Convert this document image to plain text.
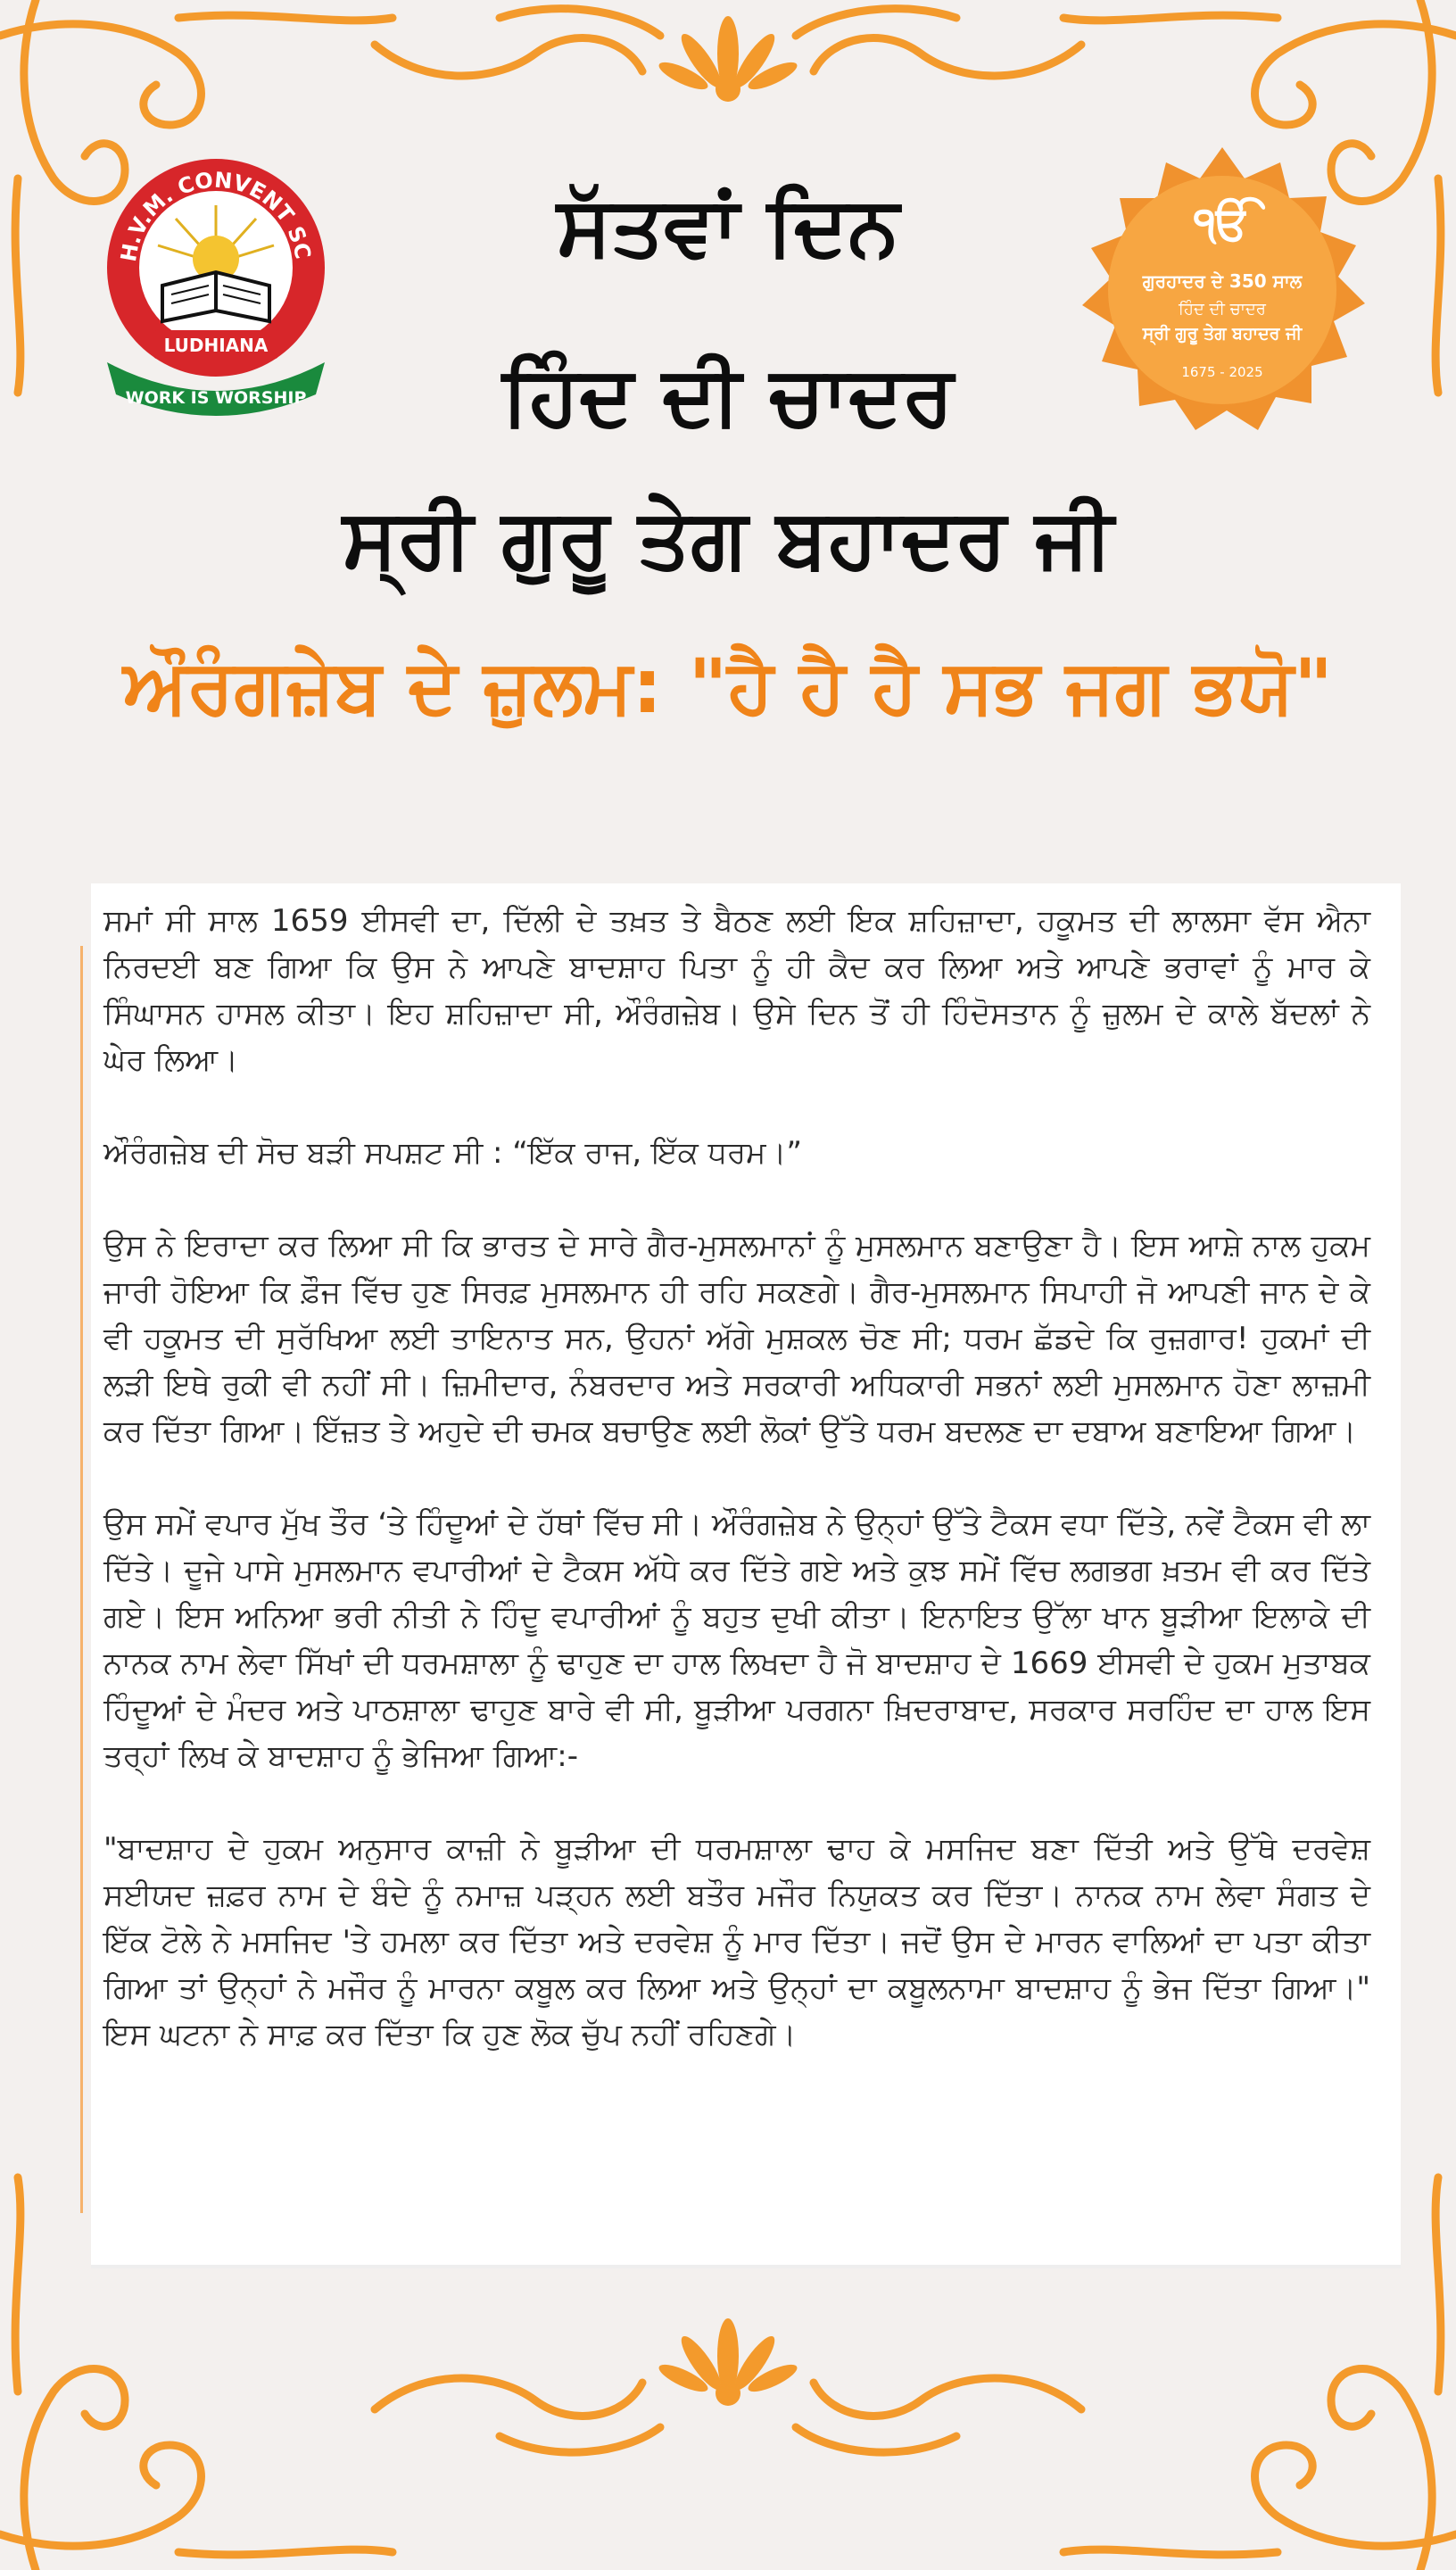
H.V.M. CONVENT SC
LUDHIANA
WORK IS WORSHIP
ੴ
ਗੁਰਹਾਦਰ ਦੇ 350 ਸਾਲ
ਹਿੰਦ ਦੀ ਚਾਦਰ
ਸ੍ਰੀ ਗੁਰੂ ਤੇਗ ਬਹਾਦਰ ਜੀ
1675 - 2025
ਸੱਤਵਾਂ ਦਿਨ
ਹਿੰਦ ਦੀ ਚਾਦਰ
ਸ੍ਰੀ ਗੁਰੂ ਤੇਗ ਬਹਾਦਰ ਜੀ
ਔਰੰਗਜ਼ੇਬ ਦੇ ਜ਼ੁਲਮ: "ਹੈ ਹੈ ਹੈ ਸਭ ਜਗ ਭਯੋ"

ਸਮਾਂ ਸੀ ਸਾਲ 1659 ਈਸਵੀ ਦਾ, ਦਿੱਲੀ ਦੇ ਤਖ਼ਤ ਤੇ ਬੈਠਣ ਲਈ ਇਕ ਸ਼ਹਿਜ਼ਾਦਾ, ਹਕੂਮਤ ਦੀ ਲਾਲਸਾ ਵੱਸ ਐਨਾ ਨਿਰਦਈ ਬਣ ਗਿਆ ਕਿ ਉਸ ਨੇ ਆਪਣੇ ਬਾਦਸ਼ਾਹ ਪਿਤਾ ਨੂੰ ਹੀ ਕੈਦ ਕਰ ਲਿਆ ਅਤੇ ਆਪਣੇ ਭਰਾਵਾਂ ਨੂੰ ਮਾਰ ਕੇ ਸਿੰਘਾਸਨ ਹਾਸਲ ਕੀਤਾ। ਇਹ ਸ਼ਹਿਜ਼ਾਦਾ ਸੀ, ਔਰੰਗਜ਼ੇਬ। ਉਸੇ ਦਿਨ ਤੋਂ ਹੀ ਹਿੰਦੋਸਤਾਨ ਨੂੰ ਜ਼ੁਲਮ ਦੇ ਕਾਲੇ ਬੱਦਲਾਂ ਨੇ ਘੇਰ ਲਿਆ।

ਔਰੰਗਜ਼ੇਬ ਦੀ ਸੋਚ ਬੜੀ ਸਪਸ਼ਟ ਸੀ : “ਇੱਕ ਰਾਜ, ਇੱਕ ਧਰਮ।”

ਉਸ ਨੇ ਇਰਾਦਾ ਕਰ ਲਿਆ ਸੀ ਕਿ ਭਾਰਤ ਦੇ ਸਾਰੇ ਗੈਰ-ਮੁਸਲਮਾਨਾਂ ਨੂੰ ਮੁਸਲਮਾਨ ਬਣਾਉਣਾ ਹੈ। ਇਸ ਆਸ਼ੇ ਨਾਲ ਹੁਕਮ ਜਾਰੀ ਹੋਇਆ ਕਿ ਫ਼ੌਜ ਵਿੱਚ ਹੁਣ ਸਿਰਫ਼ ਮੁਸਲਮਾਨ ਹੀ ਰਹਿ ਸਕਣਗੇ। ਗੈਰ-ਮੁਸਲਮਾਨ ਸਿਪਾਹੀ ਜੋ ਆਪਣੀ ਜਾਨ ਦੇ ਕੇ ਵੀ ਹਕੂਮਤ ਦੀ ਸੁਰੱਖਿਆ ਲਈ ਤਾਇਨਾਤ ਸਨ, ਉਹਨਾਂ ਅੱਗੇ ਮੁਸ਼ਕਲ ਚੋਣ ਸੀ; ਧਰਮ ਛੱਡਦੇ ਕਿ ਰੁਜ਼ਗਾਰ! ਹੁਕਮਾਂ ਦੀ ਲੜੀ ਇਥੇ ਰੁਕੀ ਵੀ ਨਹੀਂ ਸੀ। ਜ਼ਿਮੀਦਾਰ, ਨੰਬਰਦਾਰ ਅਤੇ ਸਰਕਾਰੀ ਅਧਿਕਾਰੀ ਸਭਨਾਂ ਲਈ ਮੁਸਲਮਾਨ ਹੋਣਾ ਲਾਜ਼ਮੀ ਕਰ ਦਿੱਤਾ ਗਿਆ। ਇੱਜ਼ਤ ਤੇ ਅਹੁਦੇ ਦੀ ਚਮਕ ਬਚਾਉਣ ਲਈ ਲੋਕਾਂ ਉੱਤੇ ਧਰਮ ਬਦਲਣ ਦਾ ਦਬਾਅ ਬਣਾਇਆ ਗਿਆ।

ਉਸ ਸਮੇਂ ਵਪਾਰ ਮੁੱਖ ਤੌਰ ‘ਤੇ ਹਿੰਦੂਆਂ ਦੇ ਹੱਥਾਂ ਵਿੱਚ ਸੀ। ਔਰੰਗਜ਼ੇਬ ਨੇ ਉਨ੍ਹਾਂ ਉੱਤੇ ਟੈਕਸ ਵਧਾ ਦਿੱਤੇ, ਨਵੇਂ ਟੈਕਸ ਵੀ ਲਾ ਦਿੱਤੇ। ਦੂਜੇ ਪਾਸੇ ਮੁਸਲਮਾਨ ਵਪਾਰੀਆਂ ਦੇ ਟੈਕਸ ਅੱਧੇ ਕਰ ਦਿੱਤੇ ਗਏ ਅਤੇ ਕੁਝ ਸਮੇਂ ਵਿੱਚ ਲਗਭਗ ਖ਼ਤਮ ਵੀ ਕਰ ਦਿੱਤੇ ਗਏ। ਇਸ ਅਨਿਆ ਭਰੀ ਨੀਤੀ ਨੇ ਹਿੰਦੂ ਵਪਾਰੀਆਂ ਨੂੰ ਬਹੁਤ ਦੁਖੀ ਕੀਤਾ। ਇਨਾਇਤ ਉੱਲਾ ਖਾਨ ਬੂੜੀਆ ਇਲਾਕੇ ਦੀ ਨਾਨਕ ਨਾਮ ਲੇਵਾ ਸਿੱਖਾਂ ਦੀ ਧਰਮਸ਼ਾਲਾ ਨੂੰ ਢਾਹੁਣ ਦਾ ਹਾਲ ਲਿਖਦਾ ਹੈ ਜੋ ਬਾਦਸ਼ਾਹ ਦੇ 1669 ਈਸਵੀ ਦੇ ਹੁਕਮ ਮੁਤਾਬਕ ਹਿੰਦੂਆਂ ਦੇ ਮੰਦਰ ਅਤੇ ਪਾਠਸ਼ਾਲਾ ਢਾਹੁਣ ਬਾਰੇ ਵੀ ਸੀ, ਬੂੜੀਆ ਪਰਗਨਾ ਖ਼ਿਦਰਾਬਾਦ, ਸਰਕਾਰ ਸਰਹਿੰਦ ਦਾ ਹਾਲ ਇਸ ਤਰ੍ਹਾਂ ਲਿਖ ਕੇ ਬਾਦਸ਼ਾਹ ਨੂੰ ਭੇਜਿਆ ਗਿਆ:-

"ਬਾਦਸ਼ਾਹ ਦੇ ਹੁਕਮ ਅਨੁਸਾਰ ਕਾਜ਼ੀ ਨੇ ਬੂੜੀਆ ਦੀ ਧਰਮਸ਼ਾਲਾ ਢਾਹ ਕੇ ਮਸਜਿਦ ਬਣਾ ਦਿੱਤੀ ਅਤੇ ਉੱਥੇ ਦਰਵੇਸ਼ ਸਈਯਦ ਜ਼ਫ਼ਰ ਨਾਮ ਦੇ ਬੰਦੇ ਨੂੰ ਨਮਾਜ਼ ਪੜ੍ਹਨ ਲਈ ਬਤੌਰ ਮਜੌਰ ਨਿਯੁਕਤ ਕਰ ਦਿੱਤਾ। ਨਾਨਕ ਨਾਮ ਲੇਵਾ ਸੰਗਤ ਦੇ ਇੱਕ ਟੋਲੇ ਨੇ ਮਸਜਿਦ 'ਤੇ ਹਮਲਾ ਕਰ ਦਿੱਤਾ ਅਤੇ ਦਰਵੇਸ਼ ਨੂੰ ਮਾਰ ਦਿੱਤਾ। ਜਦੋਂ ਉਸ ਦੇ ਮਾਰਨ ਵਾਲਿਆਂ ਦਾ ਪਤਾ ਕੀਤਾ ਗਿਆ ਤਾਂ ਉਨ੍ਹਾਂ ਨੇ ਮਜੌਰ ਨੂੰ ਮਾਰਨਾ ਕਬੂਲ ਕਰ ਲਿਆ ਅਤੇ ਉਨ੍ਹਾਂ ਦਾ ਕਬੂਲਨਾਮਾ ਬਾਦਸ਼ਾਹ ਨੂੰ ਭੇਜ ਦਿੱਤਾ ਗਿਆ।" ਇਸ ਘਟਨਾ ਨੇ ਸਾਫ਼ ਕਰ ਦਿੱਤਾ ਕਿ ਹੁਣ ਲੋਕ ਚੁੱਪ ਨਹੀਂ ਰਹਿਣਗੇ।
